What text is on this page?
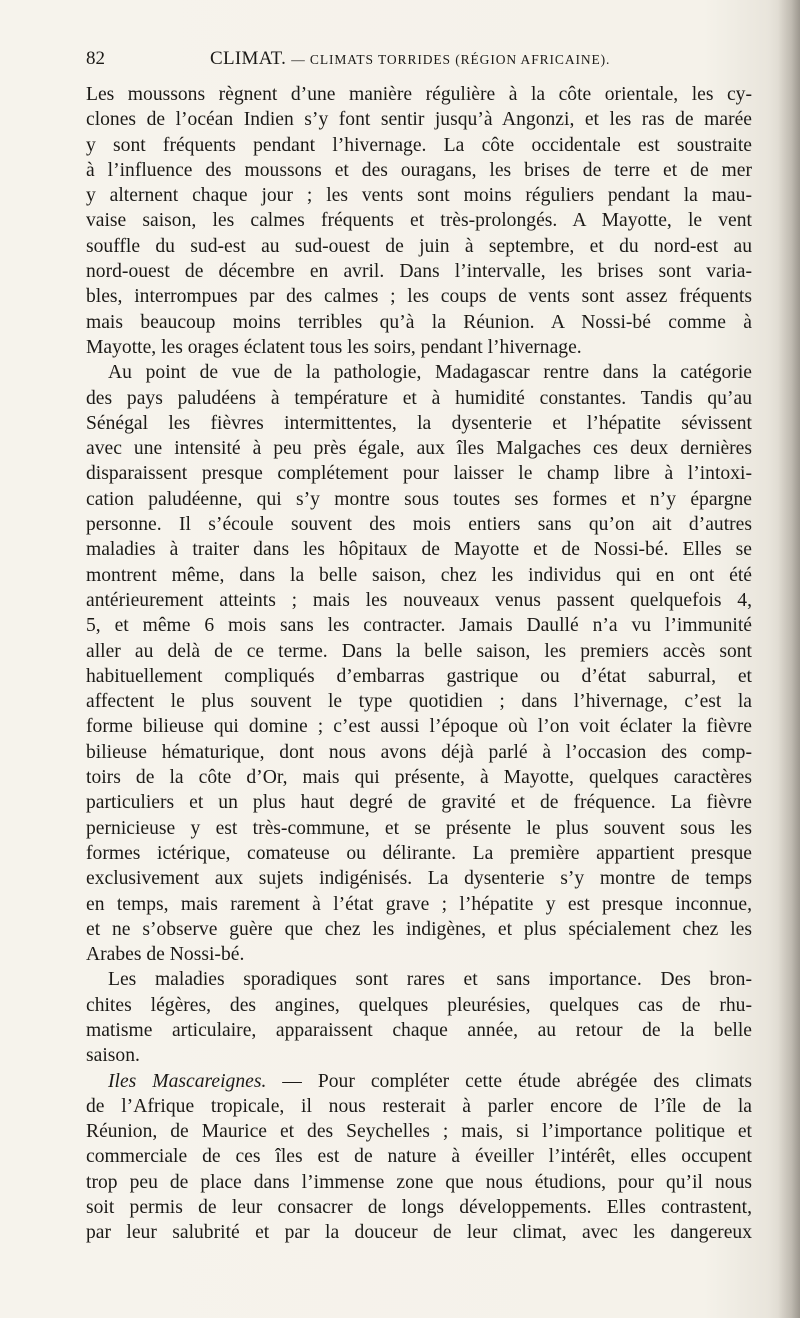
82	CLIMAT. — CLIMATS TORRIDES (RÉGION AFRICAINE).
Les moussons règnent d’une manière régulière à la côte orientale, les cy-
clones de l’océan Indien s’y font sentir jusqu’à Angonzi, et les ras de marée
y sont fréquents pendant l’hivernage. La côte occidentale est soustraite
à l’influence des moussons et des ouragans, les brises de terre et de mer
y alternent chaque jour ; les vents sont moins réguliers pendant la mau-
vaise saison, les calmes fréquents et très-prolongés. A Mayotte, le vent
souffle du sud-est au sud-ouest de juin à septembre, et du nord-est au
nord-ouest de décembre en avril. Dans l’intervalle, les brises sont varia-
bles, interrompues par des calmes ; les coups de vents sont assez fréquents
mais beaucoup moins terribles qu’à la Réunion. A Nossi-bé comme à
Mayotte, les orages éclatent tous les soirs, pendant l’hivernage.
Au point de vue de la pathologie, Madagascar rentre dans la catégorie
des pays paludéens à température et à humidité constantes. Tandis qu’au
Sénégal les fièvres intermittentes, la dysenterie et l’hépatite sévissent
avec une intensité à peu près égale, aux îles Malgaches ces deux dernières
disparaissent presque complétement pour laisser le champ libre à l’intoxi-
cation paludéenne, qui s’y montre sous toutes ses formes et n’y épargne
personne. Il s’écoule souvent des mois entiers sans qu’on ait d’autres
maladies à traiter dans les hôpitaux de Mayotte et de Nossi-bé. Elles se
montrent même, dans la belle saison, chez les individus qui en ont été
antérieurement atteints ; mais les nouveaux venus passent quelquefois 4,
5, et même 6 mois sans les contracter. Jamais Daullé n’a vu l’immunité
aller au delà de ce terme. Dans la belle saison, les premiers accès sont
habituellement compliqués d’embarras gastrique ou d’état saburral, et
affectent le plus souvent le type quotidien ; dans l’hivernage, c’est la
forme bilieuse qui domine ; c’est aussi l’époque où l’on voit éclater la fièvre
bilieuse hématurique, dont nous avons déjà parlé à l’occasion des comp-
toirs de la côte d’Or, mais qui présente, à Mayotte, quelques caractères
particuliers et un plus haut degré de gravité et de fréquence. La fièvre
pernicieuse y est très-commune, et se présente le plus souvent sous les
formes ictérique, comateuse ou délirante. La première appartient presque
exclusivement aux sujets indigénisés. La dysenterie s’y montre de temps
en temps, mais rarement à l’état grave ; l’hépatite y est presque inconnue,
et ne s’observe guère que chez les indigènes, et plus spécialement chez les
Arabes de Nossi-bé.
Les maladies sporadiques sont rares et sans importance. Des bron-
chites légères, des angines, quelques pleurésies, quelques cas de rhu-
matisme articulaire, apparaissent chaque année, au retour de la belle
saison.
Iles Mascareignes. — Pour compléter cette étude abrégée des climats
de l’Afrique tropicale, il nous resterait à parler encore de l’île de la
Réunion, de Maurice et des Seychelles ; mais, si l’importance politique et
commerciale de ces îles est de nature à éveiller l’intérêt, elles occupent
trop peu de place dans l’immense zone que nous étudions, pour qu’il nous
soit permis de leur consacrer de longs développements. Elles contrastent,
par leur salubrité et par la douceur de leur climat, avec les dangereux
